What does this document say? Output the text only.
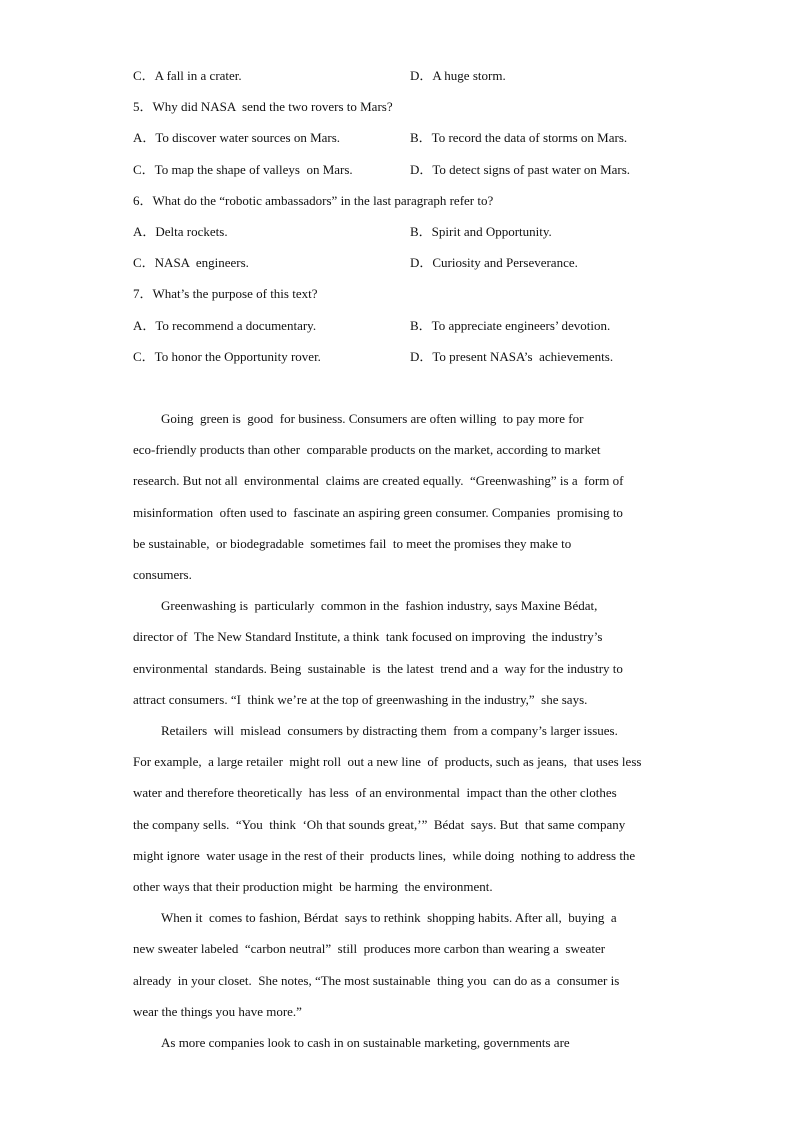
C．A fall in a crater.	D．A huge storm.
5．Why did NASA  send the two rovers to Mars?
A．To discover water sources on Mars.	B．To record the data of storms on Mars.
C．To map the shape of valleys  on Mars.	D．To detect signs of past water on Mars.
6．What do the “robotic ambassadors” in the last paragraph refer to?
A．Delta rockets.	B．Spirit and Opportunity.
C．NASA  engineers.	D．Curiosity and Perseverance.
7．What’s the purpose of this text?
A．To recommend a documentary.	B．To appreciate engineers’ devotion.
C．To honor the Opportunity rover.	D．To present NASA’s  achievements.
Going  green is  good  for business. Consumers are often willing  to pay more for
eco-friendly products than other  comparable products on the market, according to market
research. But not all  environmental  claims are created equally.  “Greenwashing” is a  form of
misinformation  often used to  fascinate an aspiring green consumer. Companies  promising to
be sustainable,  or biodegradable  sometimes fail  to meet the promises they make to
consumers.
Greenwashing is  particularly  common in the  fashion industry, says Maxine Bédat,
director of  The New Standard Institute, a think  tank focused on improving  the industry’s
environmental  standards. Being  sustainable  is  the latest  trend and a  way for the industry to
attract consumers. “I  think we’re at the top of greenwashing in the industry,”  she says.
Retailers  will  mislead  consumers by distracting them  from a company’s larger issues.
For example,  a large retailer  might roll  out a new line  of  products, such as jeans,  that uses less
water and therefore theoretically  has less  of an environmental  impact than the other clothes
the company sells.  “You  think  ‘Oh that sounds great,’”  Bédat  says. But  that same company
might ignore  water usage in the rest of their  products lines,  while doing  nothing to address the
other ways that their production might  be harming  the environment.
When it  comes to fashion, Bérdat  says to rethink  shopping habits. After all,  buying  a
new sweater labeled  “carbon neutral”  still  produces more carbon than wearing a  sweater
already  in your closet.  She notes, “The most sustainable  thing you  can do as a  consumer is
wear the things you have more.”
As more companies look to cash in on sustainable marketing, governments are
